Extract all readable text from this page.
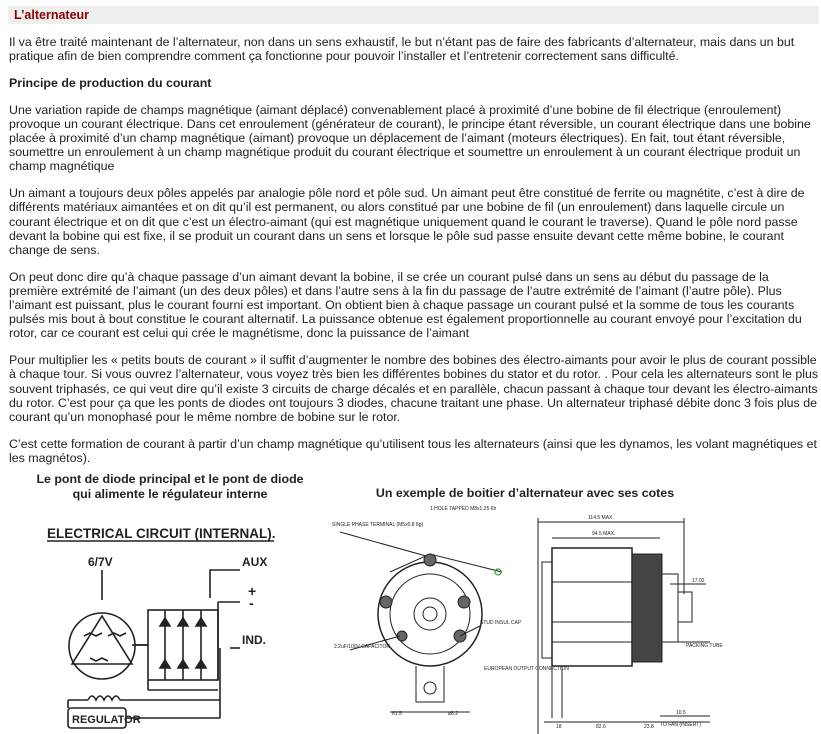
L’alternateur

Il va être traité maintenant de l’alternateur, non dans un sens exhaustif, le but n’étant pas de faire des fabricants d’alternateur, mais dans un but pratique afin de bien comprendre comment ça fonctionne pour pouvoir l’installer et l’entretenir correctement sans difficulté.

Principe de production du courant

Une variation rapide de champs magnétique (aimant déplacé) convenablement placé à proximité d’une bobine de fil électrique (enroulement) provoque un courant électrique. Dans cet enroulement (générateur de courant), le principe étant réversible, un courant électrique dans une bobine placée à proximité d’un champ magnétique (aimant) provoque un déplacement de l’aimant (moteurs électriques). En fait, tout étant réversible, soumettre un enroulement à un champ magnétique produit du courant électrique et soumettre un enroulement à un courant électrique produit un champ magnétique

Un aimant a toujours deux pôles appelés par analogie pôle nord et pôle sud. Un aimant peut être constitué de ferrite ou magnétite, c’est à dire de différents matériaux aimantées et on dit qu’il est permanent, ou alors constitué par une bobine de fil (un enroulement) dans laquelle circule un courant électrique et on dit que c’est un électro-aimant (qui est magnétique uniquement quand le courant le traverse). Quand le pôle nord passe devant la bobine qui est fixe, il se produit un courant dans un sens et lorsque le pôle sud passe ensuite devant cette même bobine, le courant change de sens.

On peut donc dire qu’à chaque passage d’un aimant devant la bobine, il se crée un courant pulsé dans un sens au début du passage de la première extrémité de l’aimant (un des deux pôles) et dans l’autre sens à la fin du passage de l’autre extrémité de l’aimant (l’autre pôle). Plus l’aimant est puissant, plus le courant fourni est important. On obtient bien à chaque passage un courant pulsé et la somme de tous les courants pulsés mis bout à bout constitue le courant alternatif. La puissance obtenue est également proportionnelle au courant envoyé pour l’excitation du rotor, car ce courant est celui qui crée le magnétisme, donc la puissance de l’aimant

Pour multiplier les « petits bouts de courant » il suffit d’augmenter le nombre des bobines des électro-aimants pour avoir le plus de courant possible à chaque tour. Si vous ouvrez l’alternateur, vous voyez très bien les différentes bobines du stator et du rotor. . Pour cela les alternateurs sont le plus souvent triphasés, ce qui veut dire qu’il existe 3 circuits de charge décalés et en parallèle, chacun passant à chaque tour devant les électro-aimants du rotor. C’est pour ça que les ponts de diodes ont toujours 3 diodes, chacune traitant une phase. Un alternateur triphasé débite donc 3 fois plus de courant qu’un monophasé pour le même nombre de bobine sur le rotor.

C’est cette formation de courant à partir d’un champ magnétique qu’utilisent tous les alternateurs (ainsi que les dynamos, les volant magnétiques et les magnétos).

Le pont de diode principal et le pont de diode
qui alimente le régulateur interne	Un exemple de boitier d’alternateur avec ses cotes
ELECTRICAL CIRCUIT (INTERNAL).
6/7V	AUX
+
-
IND.
REGULATOR
1 HOLE TAPPED M8x1.25 6h
SINGLE PHASE TERMINAL (M5x0.8 6g)
STUD INSUL CAP
2.2uF/100V CAPACITOR
EUROPEAN OUTPUT CONNECTION
PACKING TUBE
114.5 MAX.
94.5 MAX.
17.02
10.5
82.6	23.8 TO FAN (INSERT)
61.5	ø8.2
18
